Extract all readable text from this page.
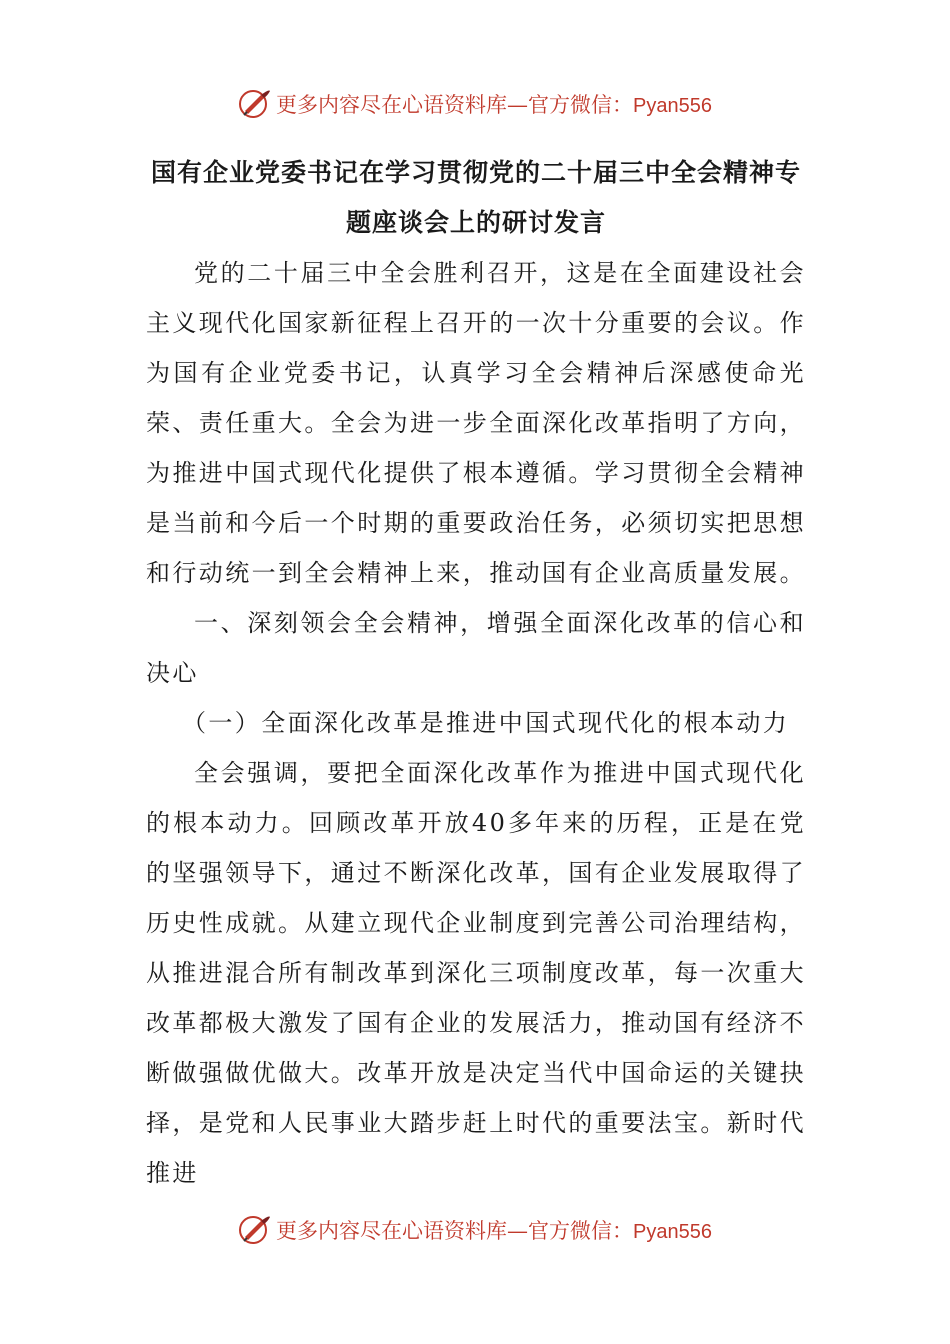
更多内容尽在心语资料库—官方微信：Pyan556
国有企业党委书记在学习贯彻党的二十届三中全会精神专题座谈会上的研讨发言

党的二十届三中全会胜利召开，这是在全面建设社会主义现代化国家新征程上召开的一次十分重要的会议。作为国有企业党委书记，认真学习全会精神后深感使命光荣、责任重大。全会为进一步全面深化改革指明了方向，为推进中国式现代化提供了根本遵循。学习贯彻全会精神是当前和今后一个时期的重要政治任务，必须切实把思想和行动统一到全会精神上来，推动国有企业高质量发展。

一、深刻领会全会精神，增强全面深化改革的信心和决心

（一）全面深化改革是推进中国式现代化的根本动力

全会强调，要把全面深化改革作为推进中国式现代化的根本动力。回顾改革开放40多年来的历程，正是在党的坚强领导下，通过不断深化改革，国有企业发展取得了历史性成就。从建立现代企业制度到完善公司治理结构，从推进混合所有制改革到深化三项制度改革，每一次重大改革都极大激发了国有企业的发展活力，推动国有经济不断做强做优做大。改革开放是决定当代中国命运的关键抉择，是党和人民事业大踏步赶上时代的重要法宝。新时代推进

更多内容尽在心语资料库—官方微信：Pyan556
